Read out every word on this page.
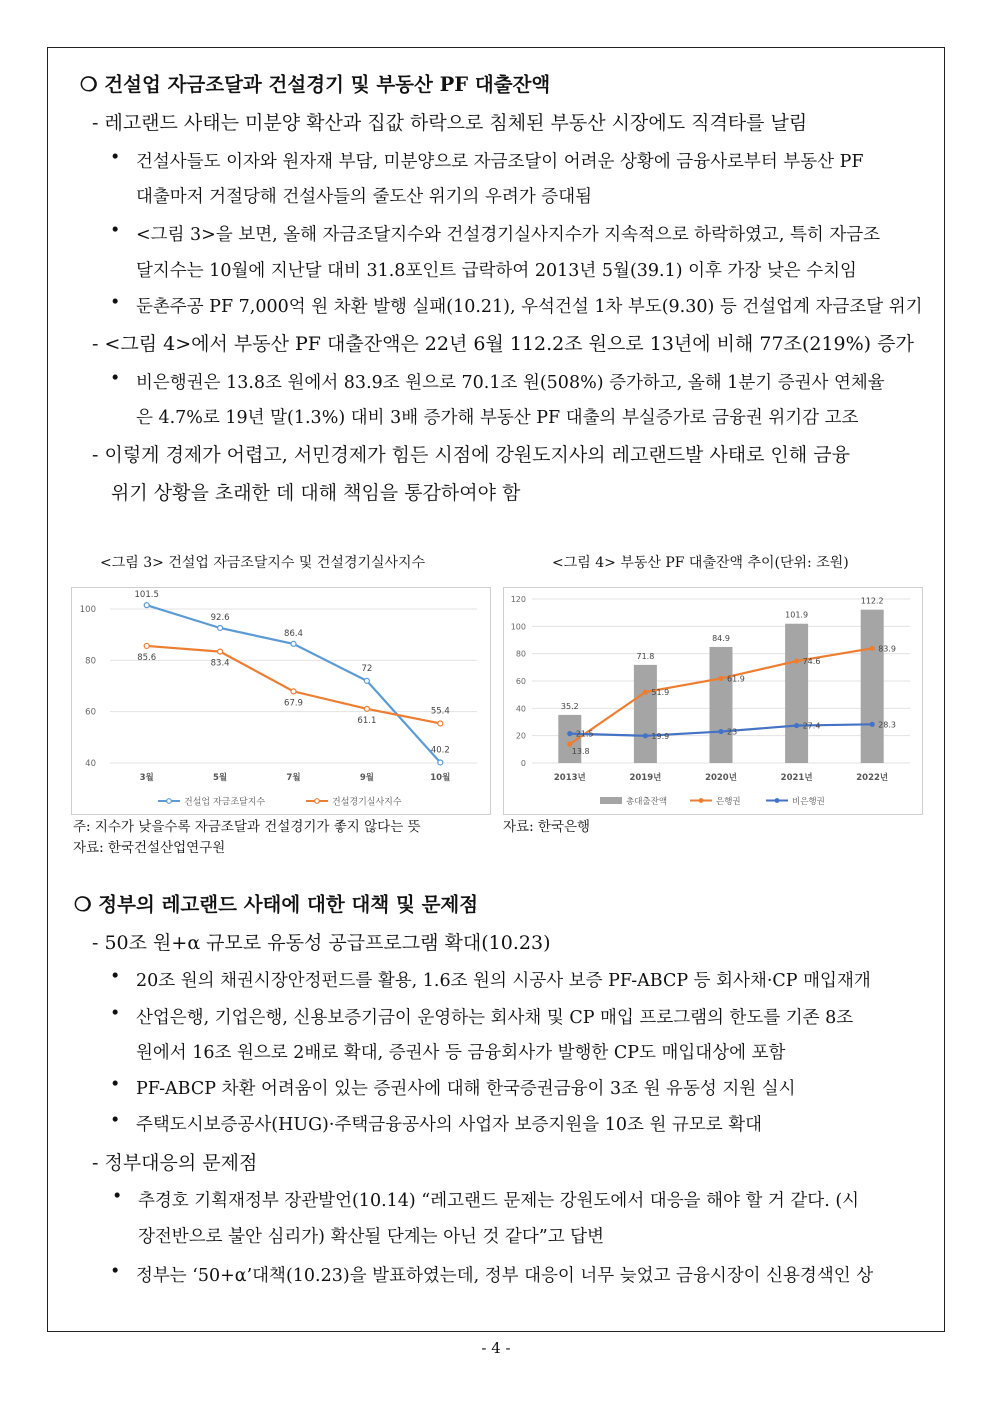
❍ 건설업 자금조달과 건설경기 및 부동산 PF 대출잔액
- 레고랜드 사태는 미분양 확산과 집값 하락으로 침체된 부동산 시장에도 직격타를 날림
• 건설사들도 이자와 원자재 부담, 미분양으로 자금조달이 어려운 상황에 금융사로부터 부동산 PF
대출마저 거절당해 건설사들의 줄도산 위기의 우려가 증대됨
• <그림 3>을 보면, 올해 자금조달지수와 건설경기실사지수가 지속적으로 하락하였고, 특히 자금조
달지수는 10월에 지난달 대비 31.8포인트 급락하여 2013년 5월(39.1) 이후 가장 낮은 수치임
• 둔촌주공 PF 7,000억 원 차환 발행 실패(10.21), 우석건설 1차 부도(9.30) 등 건설업계 자금조달 위기
- <그림 4>에서 부동산 PF 대출잔액은 22년 6월 112.2조 원으로 13년에 비해 77조(219%) 증가
• 비은행권은 13.8조 원에서 83.9조 원으로 70.1조 원(508%) 증가하고, 올해 1분기 증권사 연체율
은 4.7%로 19년 말(1.3%) 대비 3배 증가해 부동산 PF 대출의 부실증가로 금융권 위기감 고조
- 이렇게 경제가 어렵고, 서민경제가 힘든 시점에 강원도지사의 레고랜드발 사태로 인해 금융
위기 상황을 초래한 데 대해 책임을 통감하여야 함
<그림 3> 건설업 자금조달지수 및 건설경기실사지수	<그림 4> 부동산 PF 대출잔액 추이(단위: 조원)
40
60
80
100
3월	5월	7월	9월	10월
101.5
92.6
86.4
72
40.2
85.6
83.4
67.9
61.1
55.4
건설업 자금조달지수	건설경기실사지수
0
20
40
60
80
100
120
35.2
71.8
84.9
101.9
112.2
2013년	2019년	2020년	2021년	2022년
13.8
51.9
61.9
74.6
83.9
21.5	19.9	23
27.4	28.3
총대출잔액	은행권	비은행권
주: 지수가 낮을수록 자금조달과 건설경기가 좋지 않다는 뜻	자료: 한국은행
자료: 한국건설산업연구원
❍ 정부의 레고랜드 사태에 대한 대책 및 문제점
- 50조 원+α 규모로 유동성 공급프로그램 확대(10.23)
• 20조 원의 채권시장안정펀드를 활용, 1.6조 원의 시공사 보증 PF-ABCP 등 회사채·CP 매입재개
• 산업은행, 기업은행, 신용보증기금이 운영하는 회사채 및 CP 매입 프로그램의 한도를 기존 8조
원에서 16조 원으로 2배로 확대, 증권사 등 금융회사가 발행한 CP도 매입대상에 포함
• PF-ABCP 차환 어려움이 있는 증권사에 대해 한국증권금융이 3조 원 유동성 지원 실시
• 주택도시보증공사(HUG)·주택금융공사의 사업자 보증지원을 10조 원 규모로 확대
- 정부대응의 문제점
• 추경호 기획재정부 장관발언(10.14) “레고랜드 문제는 강원도에서 대응을 해야 할 거 같다. (시
장전반으로 불안 심리가) 확산될 단계는 아닌 것 같다”고 답변
• 정부는 ‘50+α’대책(10.23)을 발표하였는데, 정부 대응이 너무 늦었고 금융시장이 신용경색인 상
- 4 -
